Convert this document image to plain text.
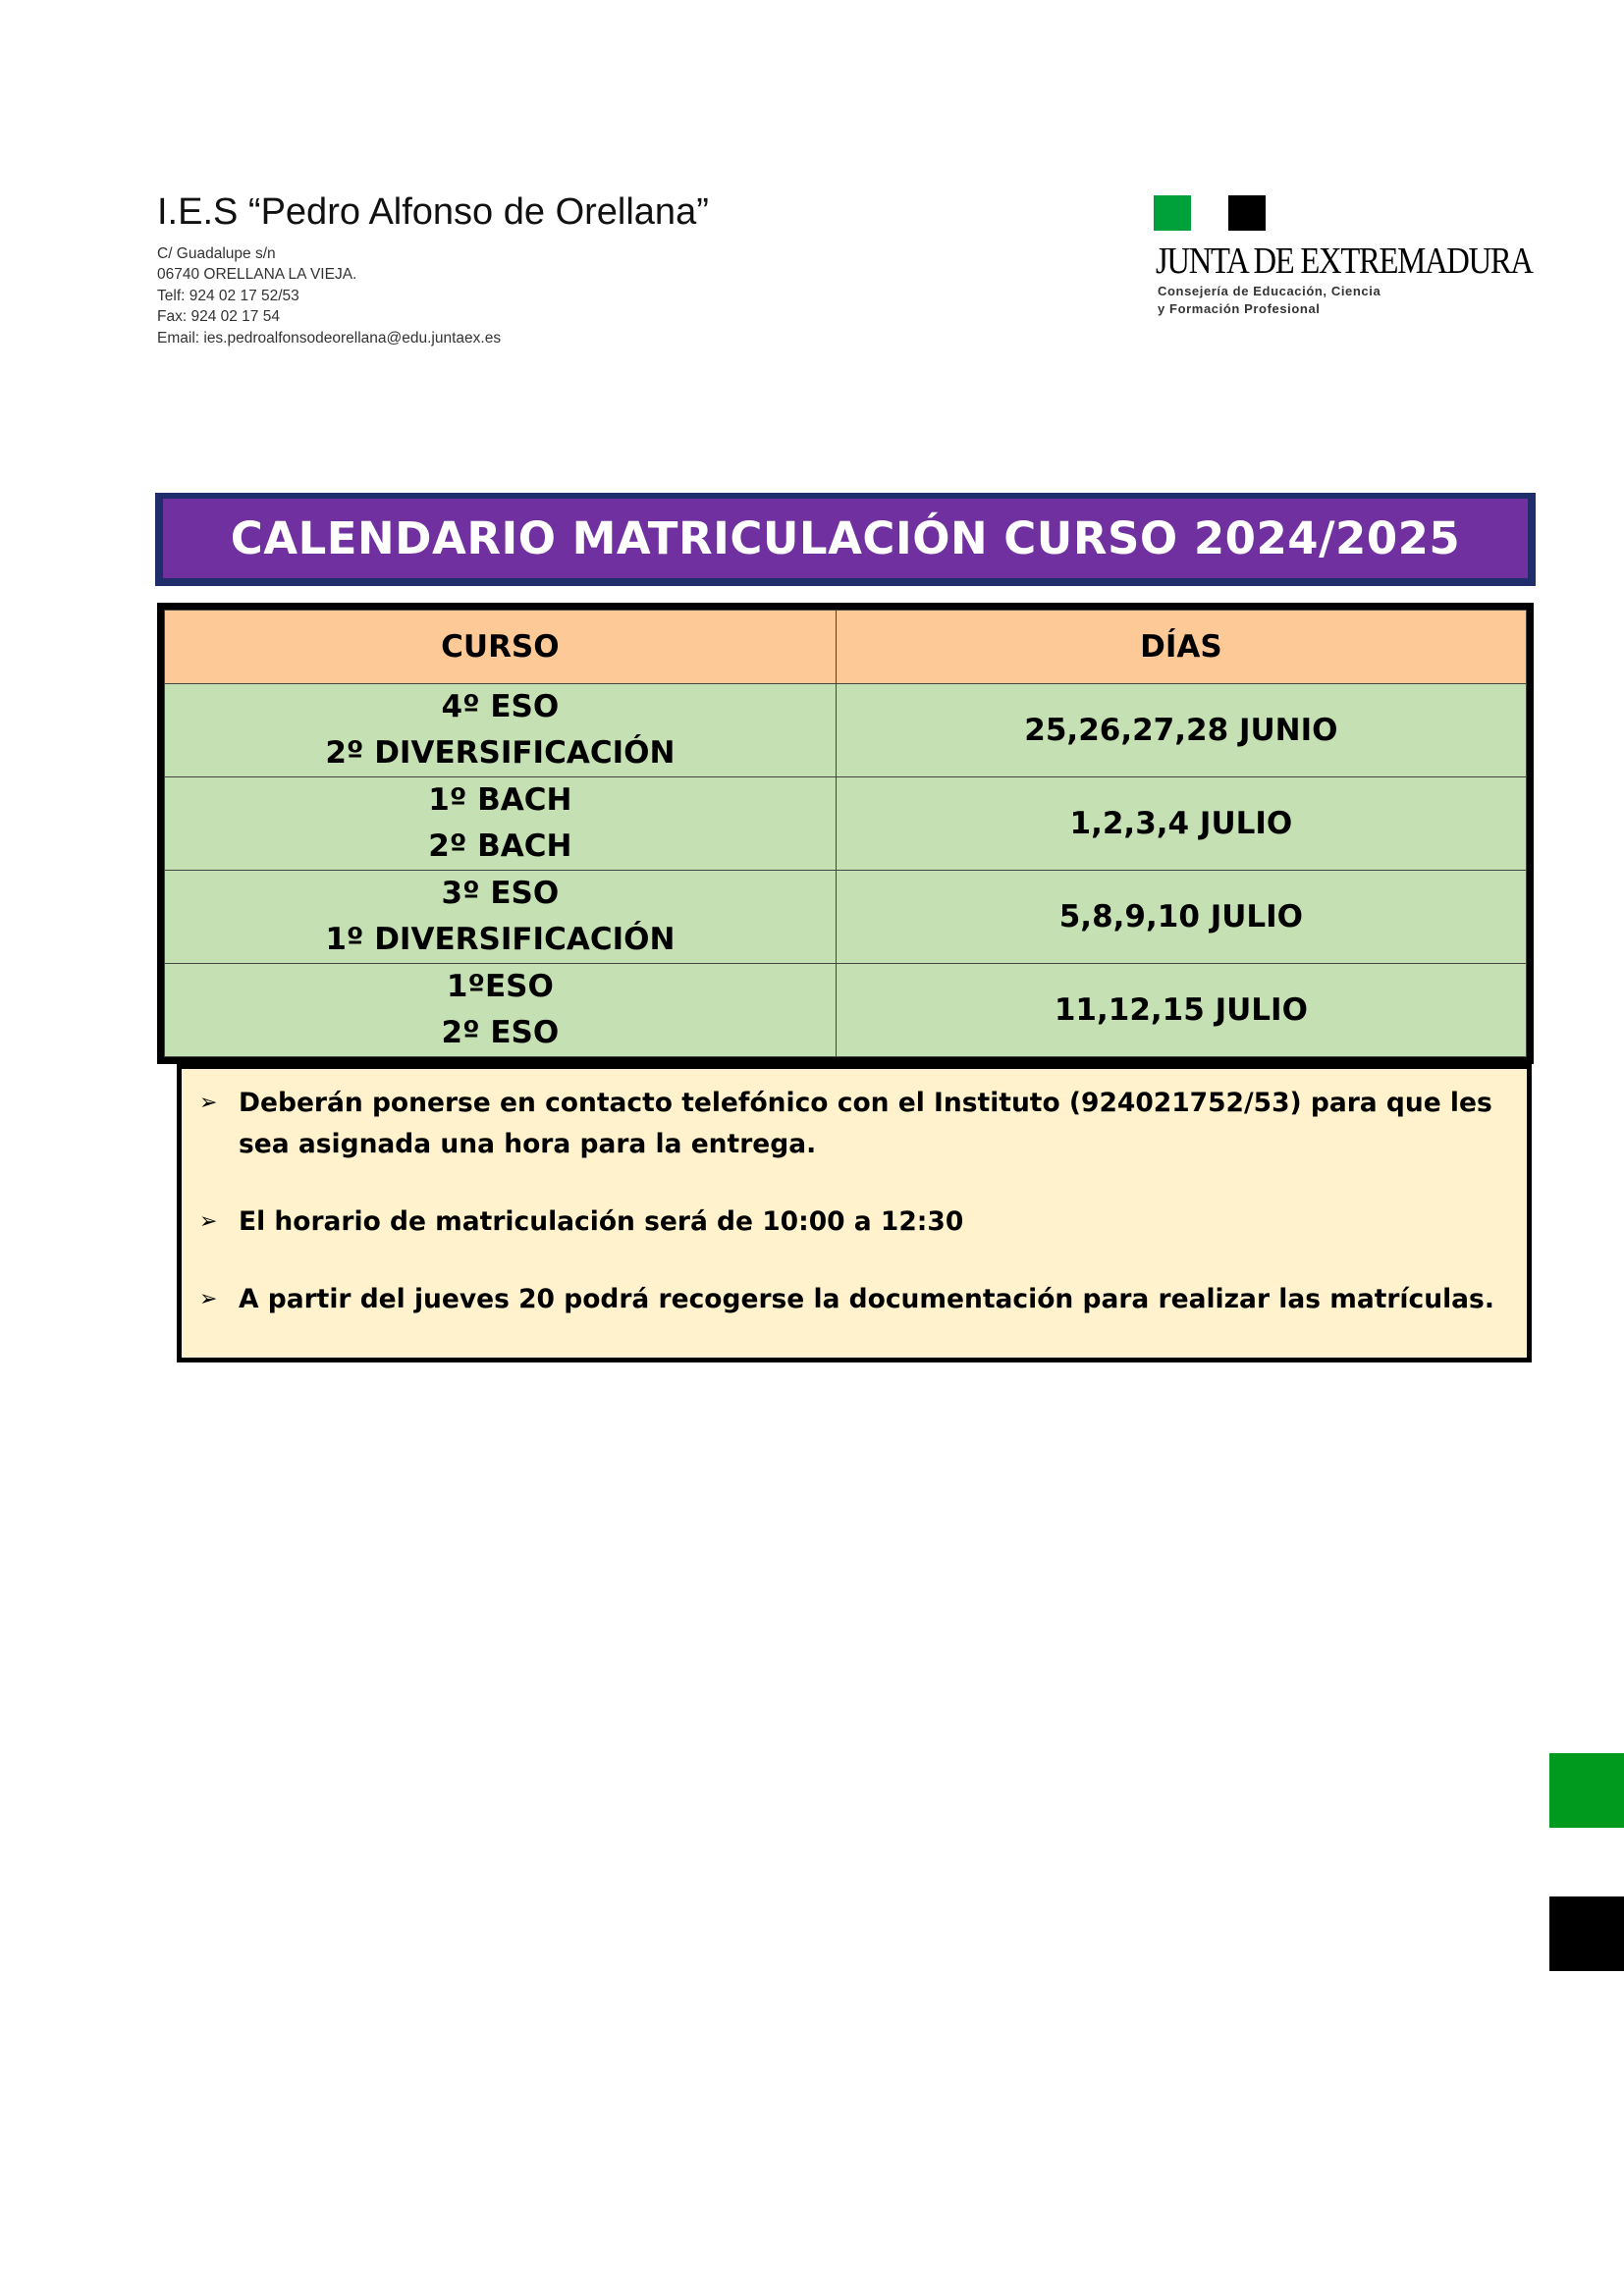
I.E.S “Pedro Alfonso de Orellana”

C/ Guadalupe s/n

06740 ORELLANA LA VIEJA.

Telf: 924 02 17 52/53

Fax: 924 02 17 54

Email: ies.pedroalfonsodeorellana@edu.juntaex.es

JUNTA DE EXTREMADURA
Consejería de Educación, Ciencia
y Formación Profesional
CALENDARIO MATRICULACIÓN CURSO 2024/2025
CURSO	DÍAS

4º ESO
2º DIVERSIFICACIÓN	25,26,27,28 JUNIO

1º BACH
2º BACH	1,2,3,4 JULIO

3º ESO
1º DIVERSIFICACIÓN	5,8,9,10 JULIO

1ºESO
2º ESO	11,12,15 JULIO
➢ Deberán ponerse en contacto telefónico con el Instituto (924021752/53) para que les sea asignada una hora para la entrega.
➢ El horario de matriculación será de 10:00 a 12:30
➢ A partir del jueves 20 podrá recogerse la documentación para realizar las matrículas.
